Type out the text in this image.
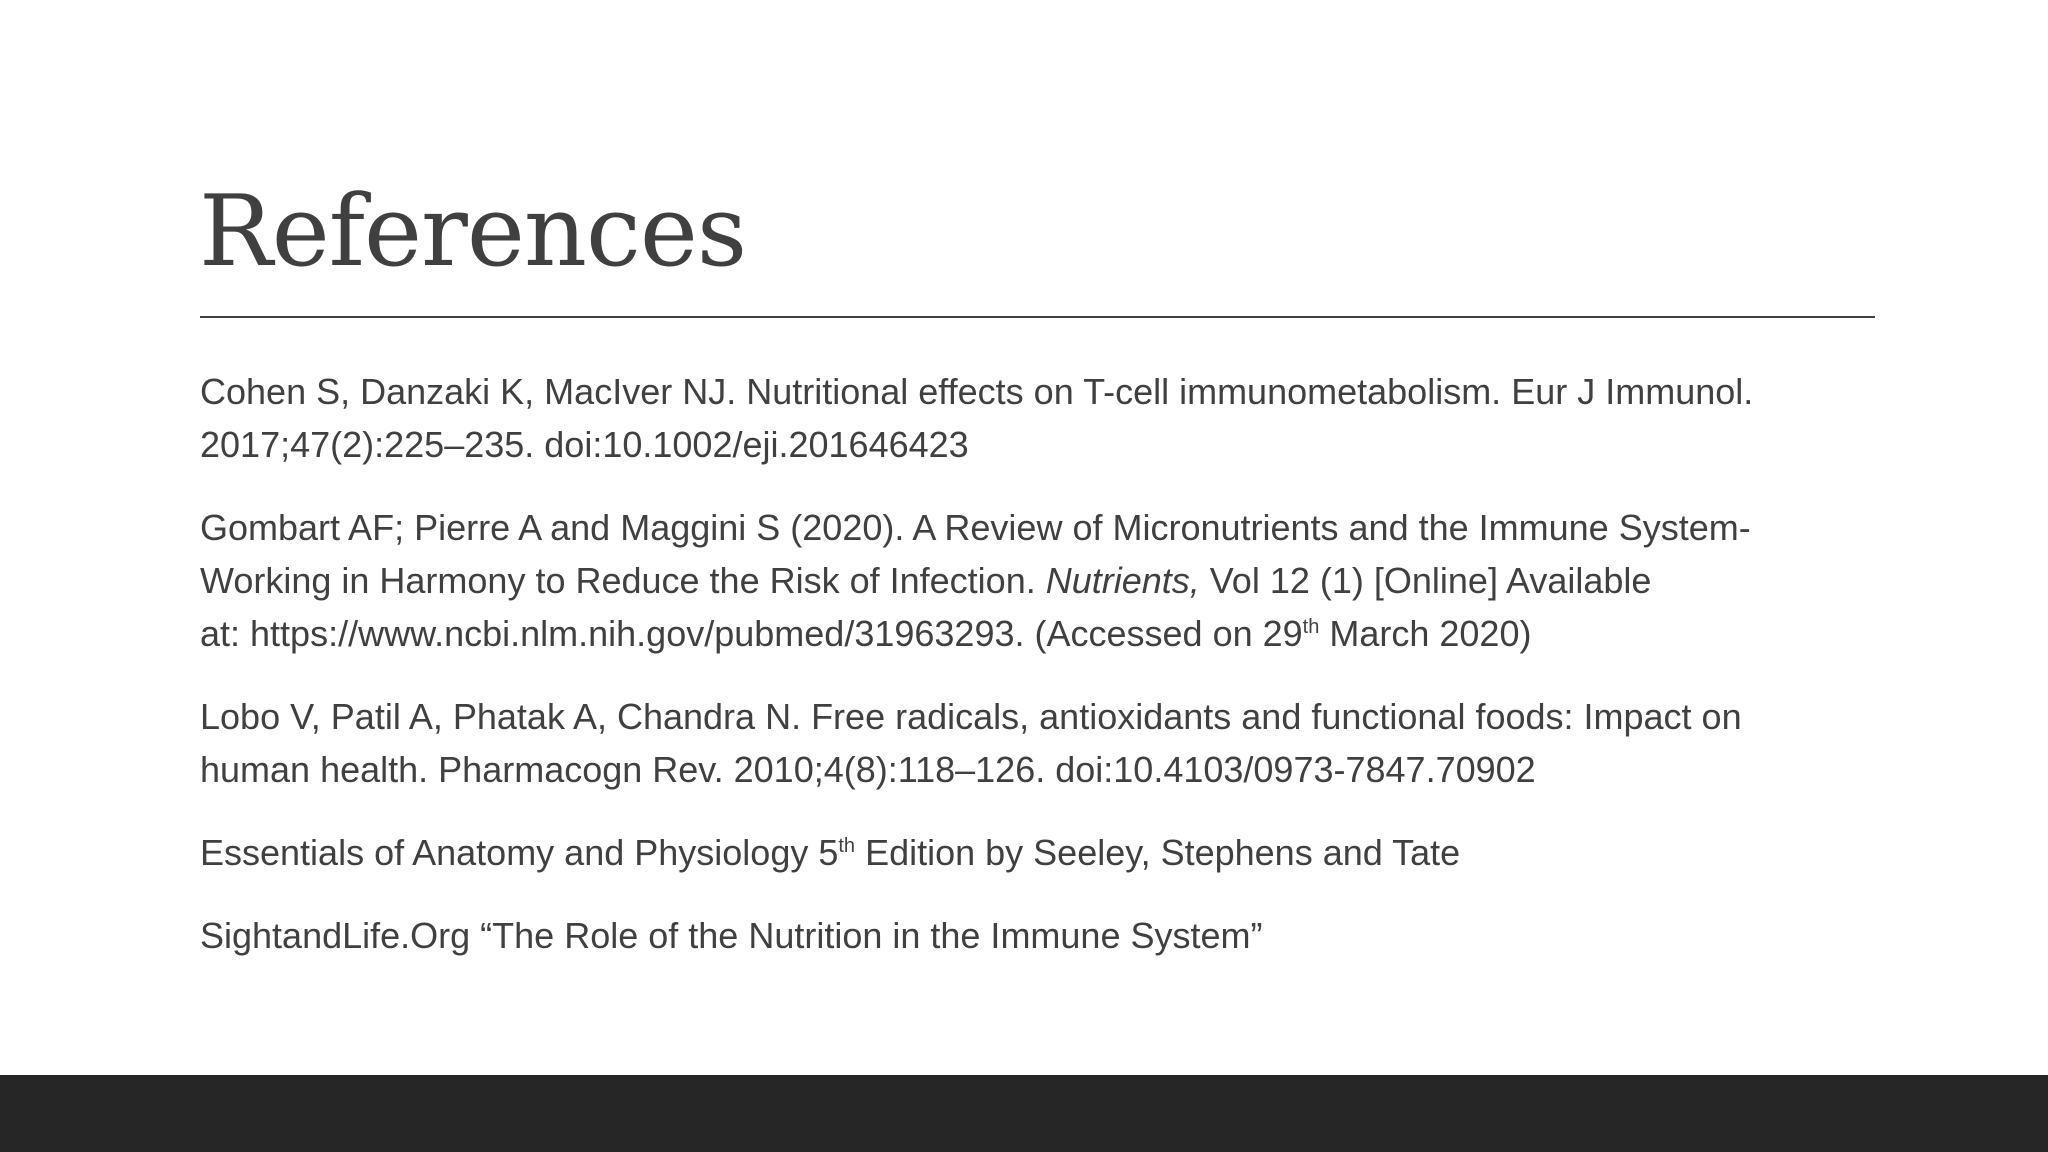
References

Cohen S, Danzaki K, MacIver NJ. Nutritional effects on T-cell immunometabolism. Eur J Immunol.
2017;47(2):225–235. doi:10.1002/eji.201646423

Gombart AF; Pierre A and Maggini S (2020). A Review of Micronutrients and the Immune System-
Working in Harmony to Reduce the Risk of Infection. Nutrients, Vol 12 (1) [Online] Available
at: https://www.ncbi.nlm.nih.gov/pubmed/31963293. (Accessed on 29th March 2020)

Lobo V, Patil A, Phatak A, Chandra N. Free radicals, antioxidants and functional foods: Impact on
human health. Pharmacogn Rev. 2010;4(8):118–126. doi:10.4103/0973-7847.70902

Essentials of Anatomy and Physiology 5th Edition by Seeley, Stephens and Tate

SightandLife.Org “The Role of the Nutrition in the Immune System”
